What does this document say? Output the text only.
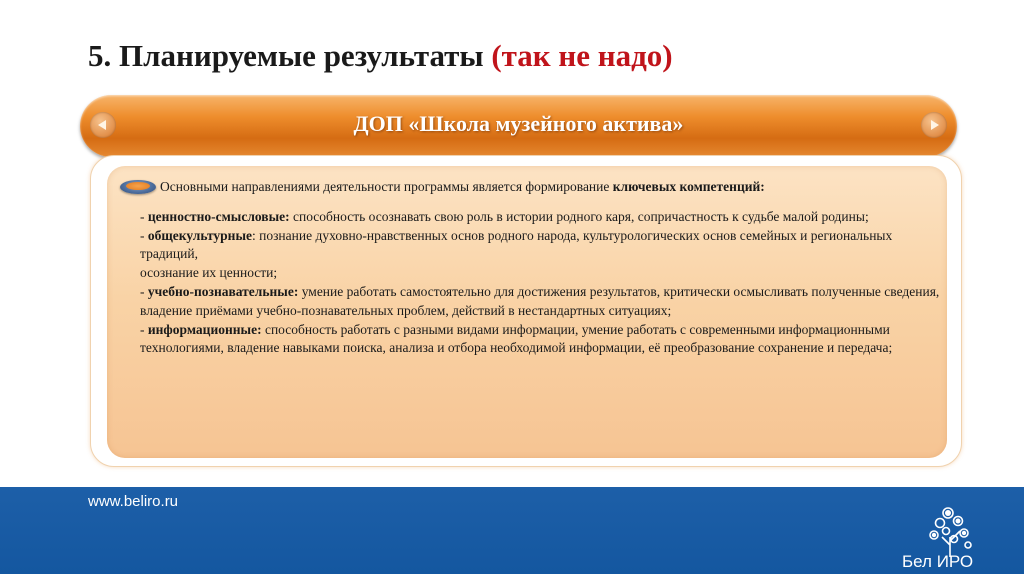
5. Планируемые результаты (так не надо)
ДОП «Школа музейного актива»
Основными направлениями деятельности программы является формирование ключевых компетенций:

- ценностно-смысловые: способность осознавать свою роль в истории родного каря, сопричастность к судьбе малой родины;

- общекультурные: познание духовно-нравственных основ родного народа, культурологических основ семейных и региональных традиций,

осознание их ценности;

- учебно-познавательные: умение работать самостоятельно для достижения результатов, критически осмысливать полученные сведения, владение приёмами учебно-познавательных проблем, действий в нестандартных ситуациях;

- информационные: способность работать с разными видами информации, умение работать с современными информационными технологиями, владение навыками поиска, анализа и отбора необходимой информации, её преобразование сохранение и передача;

www.beliro.ru
Бел ИРО
